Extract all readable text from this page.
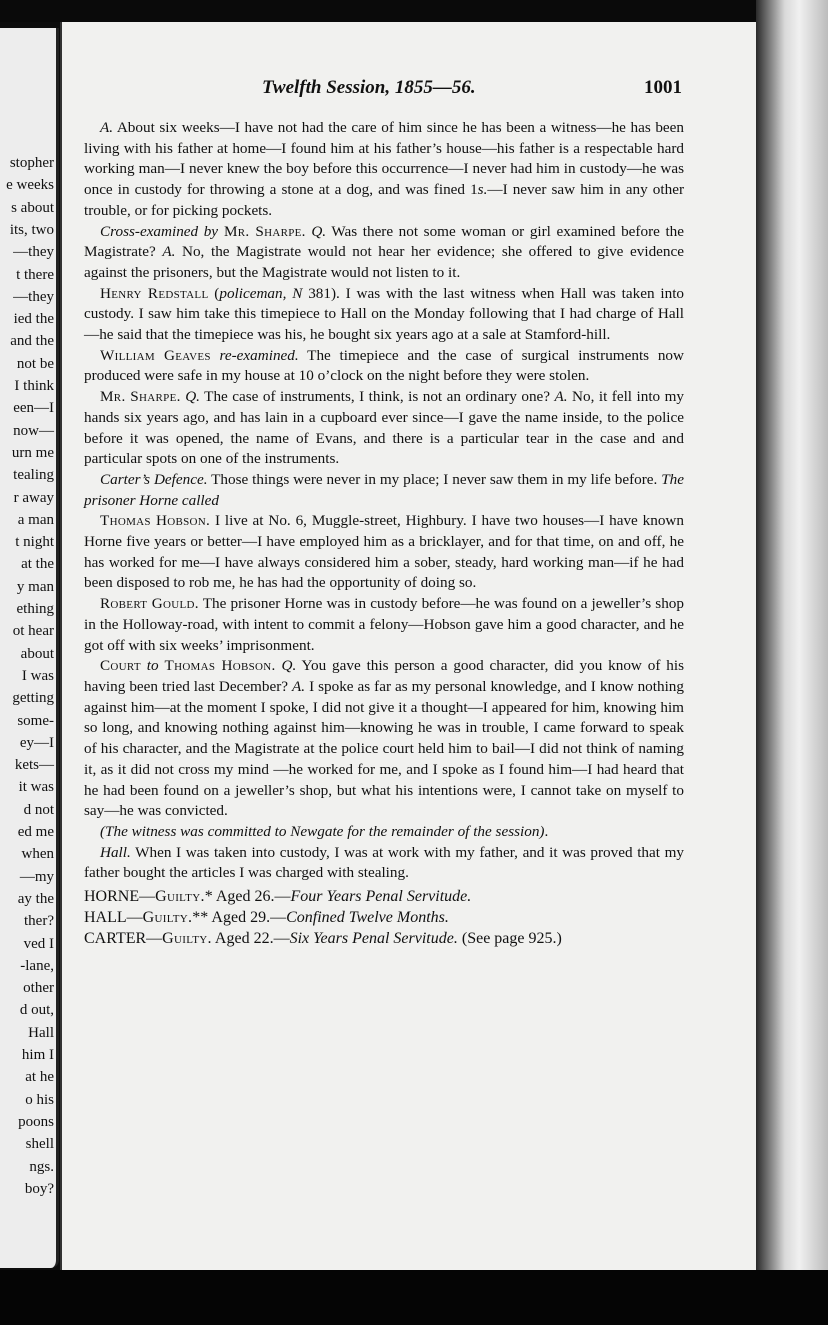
stopher
e weeks
s about
its, two
—they
t there
—they
ied the
and the
not be
I think
een—I
now—
urn me
tealing
r away
a man
t night
at the
y man
ething
ot hear
about
I was
getting
some-
ey—I
kets—
it was
d not
ed me
when
—my
ay the
ther?
ved I
-lane,
other
d out,
Hall
him I
at he
o his
poons
shell
ngs.
boy?
Twelfth Session, 1855—56.	1001

A. About six weeks—I have not had the care of him since he has been a witness—he has been living with his father at home—I found him at his father’s house—his father is a respectable hard working man—I never knew the boy before this occurrence—I never had him in custody—he was once in custody for throwing a stone at a dog, and was fined 1s.—I never saw him in any other trouble, or for picking pockets.

Cross-examined by Mr. Sharpe. Q. Was there not some woman or girl examined before the Magistrate? A. No, the Magistrate would not hear her evidence; she offered to give evidence against the prisoners, but the Magistrate would not listen to it.

Henry Redstall (policeman, N 381). I was with the last witness when Hall was taken into custody. I saw him take this timepiece to Hall on the Monday following that I had charge of Hall—he said that the timepiece was his, he bought six years ago at a sale at Stamford-hill.

William Geaves re-examined. The timepiece and the case of surgical instruments now produced were safe in my house at 10 o’clock on the night before they were stolen.

Mr. Sharpe. Q. The case of instruments, I think, is not an ordinary one? A. No, it fell into my hands six years ago, and has lain in a cupboard ever since—I gave the name inside, to the police before it was opened, the name of Evans, and there is a particular tear in the case and and particular spots on one of the instruments.

Carter’s Defence. Those things were never in my place; I never saw them in my life before. The prisoner Horne called

Thomas Hobson. I live at No. 6, Muggle-street, Highbury. I have two houses—I have known Horne five years or better—I have employed him as a bricklayer, and for that time, on and off, he has worked for me—I have always considered him a sober, steady, hard working man—if he had been disposed to rob me, he has had the opportunity of doing so.

Robert Gould. The prisoner Horne was in custody before—he was found on a jeweller’s shop in the Holloway-road, with intent to commit a felony—Hobson gave him a good character, and he got off with six weeks’ imprisonment.

Court to Thomas Hobson. Q. You gave this person a good character, did you know of his having been tried last December? A. I spoke as far as my personal knowledge, and I know nothing against him—at the moment I spoke, I did not give it a thought—I appeared for him, knowing him so long, and knowing nothing against him—knowing he was in trouble, I came forward to speak of his character, and the Magistrate at the police court held him to bail—I did not think of naming it, as it did not cross my mind —he worked for me, and I spoke as I found him—I had heard that he had been found on a jeweller’s shop, but what his intentions were, I cannot take on myself to say—he was convicted.

(The witness was committed to Newgate for the remainder of the session).

Hall. When I was taken into custody, I was at work with my father, and it was proved that my father bought the articles I was charged with stealing.

HORNE—Guilty.* Aged 26.—Four Years Penal Servitude.
HALL—Guilty.** Aged 29.—Confined Twelve Months.
CARTER—Guilty. Aged 22.—Six Years Penal Servitude. (See page 925.)
